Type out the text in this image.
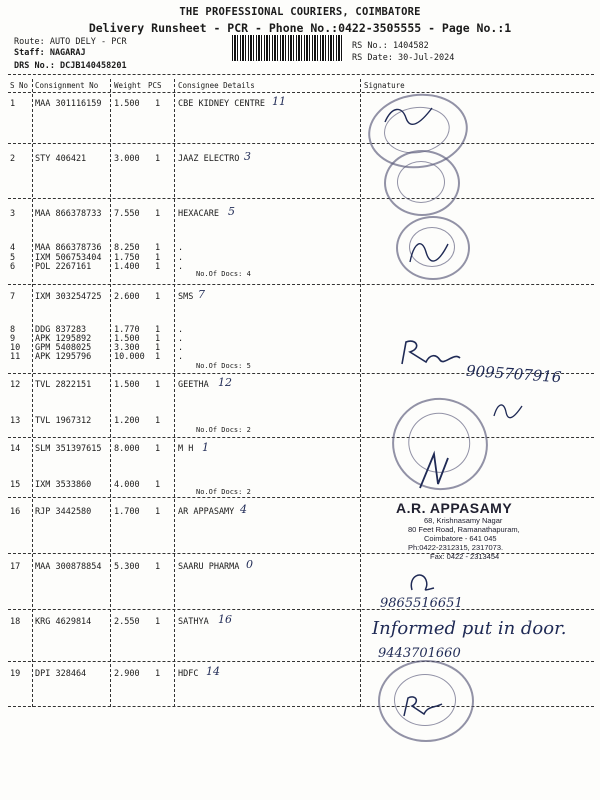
THE PROFESSIONAL COURIERS, COIMBATORE
Delivery Runsheet - PCR - Phone No.:0422-3505555 - Page No.:1
Route: AUTO DELY - PCR
Staff: NAGARAJ
DRS No.: DCJB140458201
RS No.: 1404582
RS Date: 30-Jul-2024
S No Consignment No Weight PCS Consignee Details	Signature
1 MAA 301116159 1.500 1 CBE KIDNEY CENTRE 11
2 STY 406421	3.000 1 JAAZ ELECTRO 3
3 MAA 866378733 7.550 1 HEXACARE 5
4 MAA 866378736 8.250 1 .
5 IXM 506753404 1.750 1 .
6 POL 2267161	1.400 1 .
No.Of Docs: 4
7 IXM 303254725 2.600 1 SMS 7
8 DDG 837283	1.770 1 .
9 APK 1295892	1.500 1 .
10 GPM 5408025	3.300 1 .
11 APK 1295796	10.000 1 .
No.Of Docs: 5
12 TVL 2822151	1.500 1 GEETHA 12
13 TVL 1967312	1.200 1
No.Of Docs: 2
14 SLM 351397615 8.000 1 M H 1
15 IXM 3533860	4.000 1
No.Of Docs: 2
16 RJP 3442580	1.700 1 AR APPASAMY 4
17 MAA 300878854 5.300 1 SAARU PHARMA 0
18 KRG 4629814	2.550 1 SATHYA 16
19 DPI 328464	2.900 1 HDFC 14
9095707916
9865516651
Informed put in door.
9443701660
A.R. APPASAMY
68, Krishnasamy Nagar
80 Feet Road, Ramanathapuram,
Coimbatore - 641 045
Ph:0422-2312315, 2317073.
Fax: 0422 - 2313454
